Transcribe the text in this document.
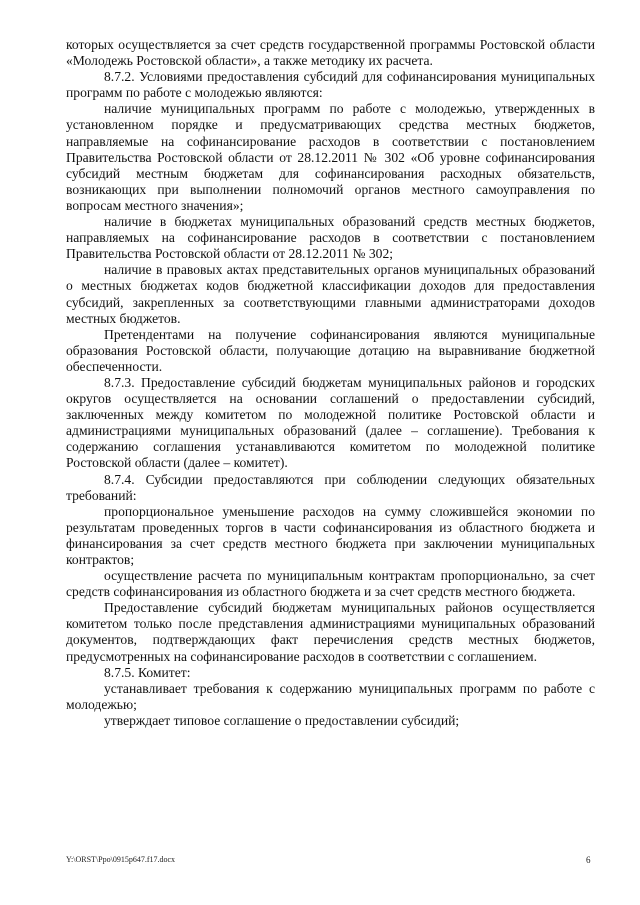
которых осуществляется за счет средств государственной программы Ростовской области «Молодежь Ростовской области», а также методику их расчета.

8.7.2. Условиями предоставления субсидий для софинансирования муниципальных программ по работе с молодежью являются:

наличие муниципальных программ по работе с молодежью, утвержденных в установленном порядке и предусматривающих средства местных бюджетов, направляемые на софинансирование расходов в соответствии с постановлением Правительства Ростовской области от 28.12.2011 № 302 «Об уровне софинансирования субсидий местным бюджетам для софинансирования расходных обязательств, возникающих при выполнении полномочий органов местного самоуправления по вопросам местного значения»;

наличие в бюджетах муниципальных образований средств местных бюджетов, направляемых на софинансирование расходов в соответствии с постановлением Правительства Ростовской области от 28.12.2011 № 302;

наличие в правовых актах представительных органов муниципальных образований о местных бюджетах кодов бюджетной классификации доходов для предоставления субсидий, закрепленных за соответствующими главными администраторами доходов местных бюджетов.

Претендентами на получение софинансирования являются муниципальные образования Ростовской области, получающие дотацию на выравнивание бюджетной обеспеченности.

8.7.3. Предоставление субсидий бюджетам муниципальных районов и городских округов осуществляется на основании соглашений о предоставлении субсидий, заключенных между комитетом по молодежной политике Ростовской области и администрациями муниципальных образований (далее – соглашение). Требования к содержанию соглашения устанавливаются комитетом по молодежной политике Ростовской области (далее – комитет).

8.7.4. Субсидии предоставляются при соблюдении следующих обязательных требований:

пропорциональное уменьшение расходов на сумму сложившейся экономии по результатам проведенных торгов в части софинансирования из областного бюджета и финансирования за счет средств местного бюджета при заключении муниципальных контрактов;

осуществление расчета по муниципальным контрактам пропорционально, за счет средств софинансирования из областного бюджета и за счет средств местного бюджета.

Предоставление субсидий бюджетам муниципальных районов осуществляется комитетом только после представления администрациями муниципальных образований документов, подтверждающих факт перечисления средств местных бюджетов, предусмотренных на софинансирование расходов в соответствии с соглашением.

8.7.5. Комитет:

устанавливает требования к содержанию муниципальных программ по работе с молодежью;

утверждает типовое соглашение о предоставлении субсидий;

Y:\ORST\Ppo\0915p647.f17.docx	6
